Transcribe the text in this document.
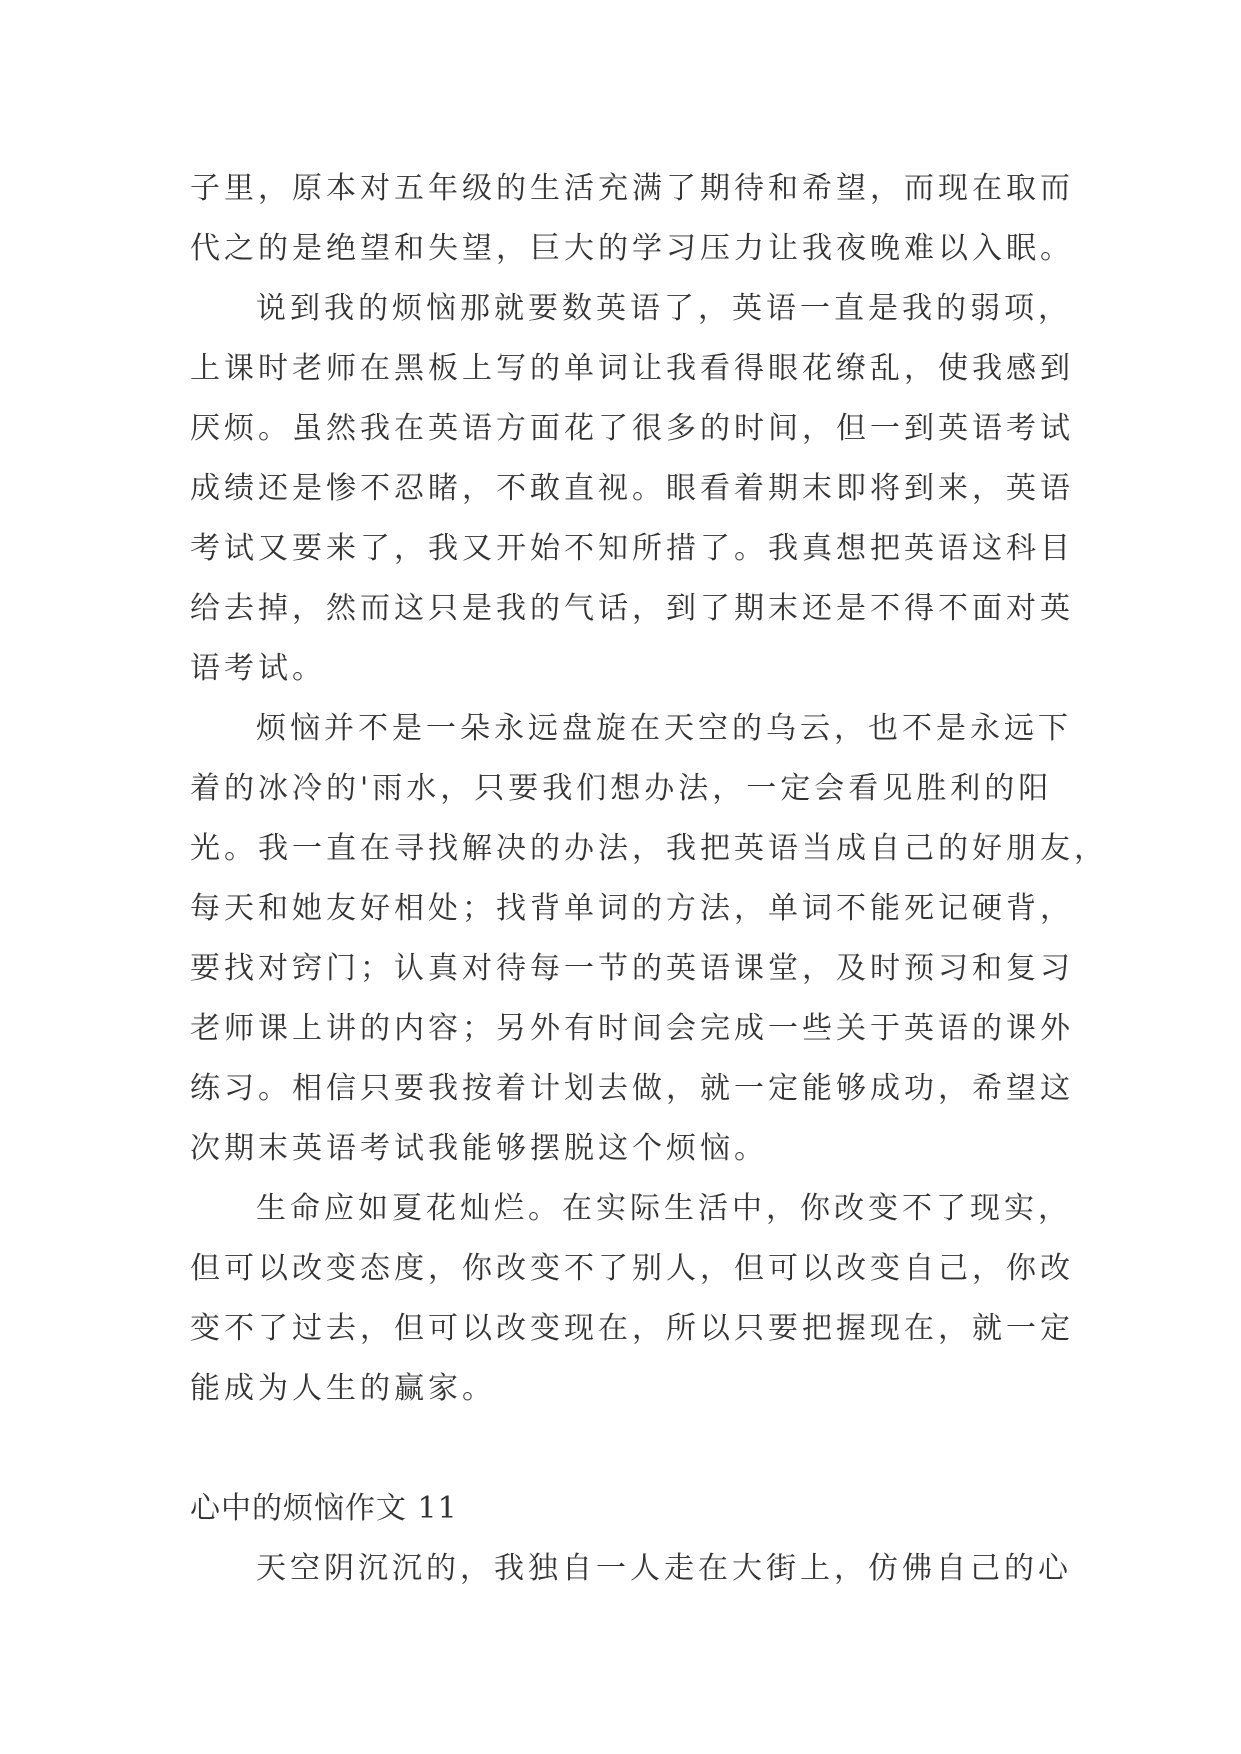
子里，原本对五年级的生活充满了期待和希望，而现在取而
代之的是绝望和失望，巨大的学习压力让我夜晚难以入眠。
说到我的烦恼那就要数英语了，英语一直是我的弱项，
上课时老师在黑板上写的单词让我看得眼花缭乱，使我感到
厌烦。虽然我在英语方面花了很多的时间，但一到英语考试
成绩还是惨不忍睹，不敢直视。眼看着期末即将到来，英语
考试又要来了，我又开始不知所措了。我真想把英语这科目
给去掉，然而这只是我的气话，到了期末还是不得不面对英
语考试。
烦恼并不是一朵永远盘旋在天空的乌云，也不是永远下
着的冰冷的'雨水，只要我们想办法，一定会看见胜利的阳
光。我一直在寻找解决的办法，我把英语当成自己的好朋友，
每天和她友好相处；找背单词的方法，单词不能死记硬背，
要找对窍门；认真对待每一节的英语课堂，及时预习和复习
老师课上讲的内容；另外有时间会完成一些关于英语的课外
练习。相信只要我按着计划去做，就一定能够成功，希望这
次期末英语考试我能够摆脱这个烦恼。
生命应如夏花灿烂。在实际生活中，你改变不了现实，
但可以改变态度，你改变不了别人，但可以改变自己，你改
变不了过去，但可以改变现在，所以只要把握现在，就一定
能成为人生的赢家。
心中的烦恼作文 11
天空阴沉沉的，我独自一人走在大街上，仿佛自己的心
